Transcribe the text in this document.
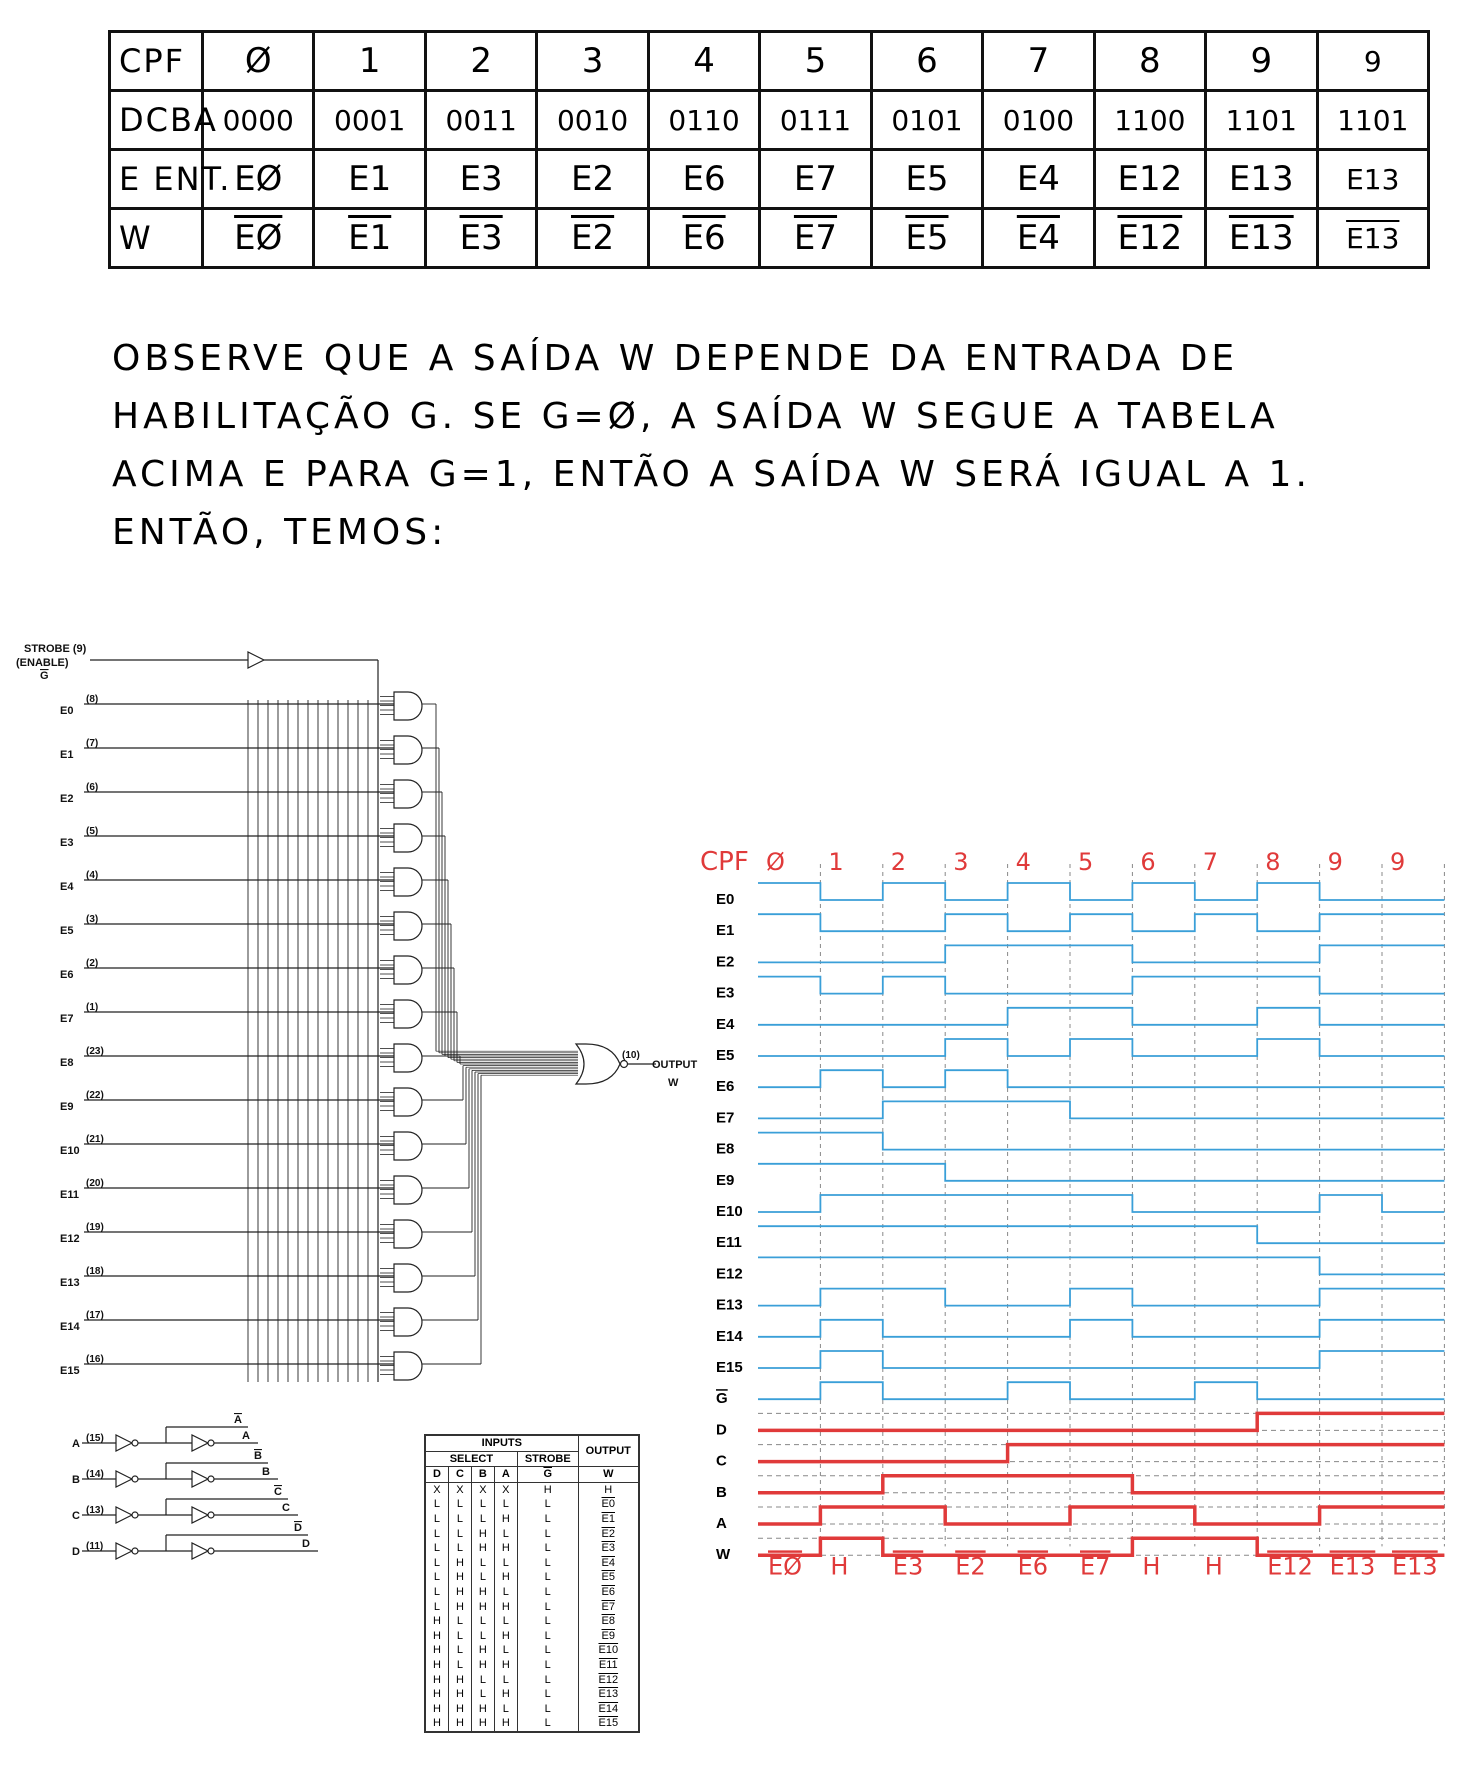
CPF	Ø	1	2	3	4	5	6	7	8	9	9
DCBA	0000	0001	0011	0010	0110	0111	0101	0100	1100	1101	1101
E ENT.	EØ	E1	E3	E2	E6	E7	E5	E4	E12	E13	E13
W	$\overline{EØ}$	E1	E3	E2	E6	E7	E5	E4	E12	E13	E13
OBSERVE QUE A SAÍDA W DEPENDE DA ENTRADA DE
HABILITAÇÃO G. SE G=Ø, A SAÍDA W SEGUE A TABELA
ACIMA E PARA G=1, ENTÃO A SAÍDA W SERÁ IGUAL A 1.
ENTÃO, TEMOS:
STROBE (9)
(ENABLE)
G
E0
(8)
E1
(7)
E2
(6)
E3
(5)
E4
(4)
E5
(3)
E6
(2)
E7
(1)
E8
(23)
E9
(22)
E10
(21)
E11
(20)
E12
(19)
E13
(18)
E14
(17)
E15
(16)
(10)
OUTPUT
W
A (15)	A
A
B (14)	B
B
C (13)	C
C
D (11)	D
D
INPUTS					OUTPUT
SELECT				STROBE	
D	C	B	A	$\overline{G}$	W
X	X	X	X	H	H
L	L	L	L	L	E0
L	L	L	H	L	E1
L	L	H	L	L	E2
L	L	H	H	L	E3
L	H	L	L	L	E4
L	H	L	H	L	E5
L	H	H	L	L	E6
L	H	H	H	L	E7
H	L	L	L	L	E8
H	L	L	H	L	E9
H	L	H	L	L	E10
H	L	H	H	L	E11
H	H	L	L	L	E12
H	H	L	H	L	E13
H	H	H	L	L	E14
H	H	H	H	L	E15
CPF Ø 1 2 3 4 5 6 7 8 9 9
E0
E1
E2
E3
E4
E5
E6
E7
E8
E9
E10
E11
E12
E13
E14
E15
G
D
C
B
A
W EØ H E3 E2 E6 E7 H H E12 E13 E13
